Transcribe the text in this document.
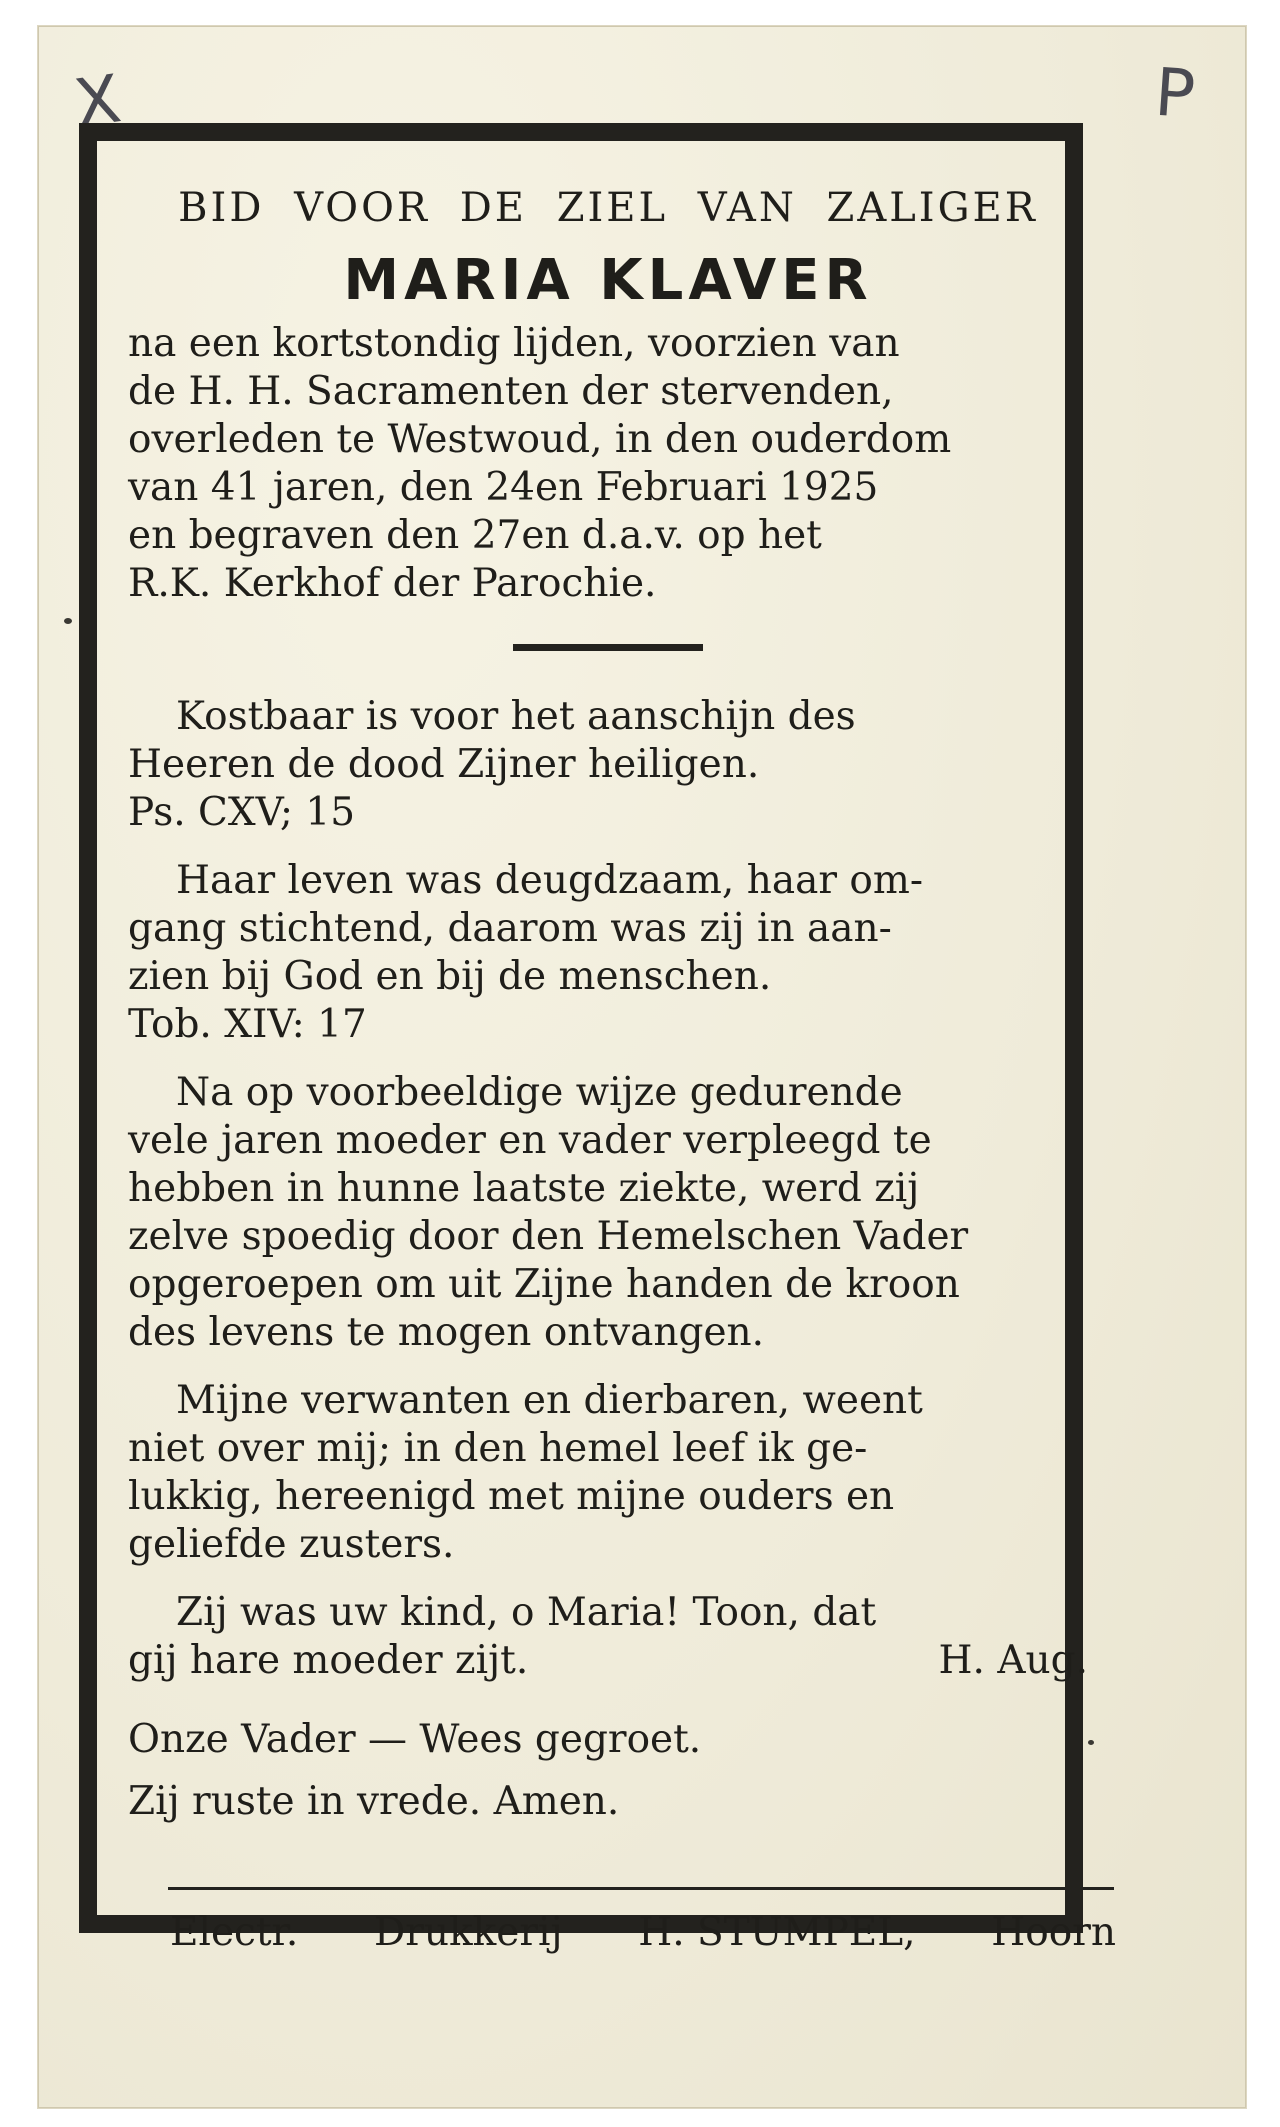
X	P
BID VOOR DE ZIEL VAN ZALIGER
MARIA KLAVER

na een kortstondig lijden, voorzien van

de H. H. Sacramenten der stervenden,

overleden te Westwoud, in den ouderdom

van 41 jaren, den 24en Februari 1925

en begraven den 27en d.a.v. op het

R.K. Kerkhof der Parochie.

Kostbaar is voor het aanschijn des

Heeren de dood Zijner heiligen.

Ps. CXV; 15

Haar leven was deugdzaam, haar om-

gang stichtend, daarom was zij in aan-

zien bij God en bij de menschen.

Tob. XIV: 17

Na op voorbeeldige wijze gedurende

vele jaren moeder en vader verpleegd te

hebben in hunne laatste ziekte, werd zij

zelve spoedig door den Hemelschen Vader

opgeroepen om uit Zijne handen de kroon

des levens te mogen ontvangen.

Mijne verwanten en dierbaren, weent

niet over mij; in den hemel leef ik ge-

lukkig, hereenigd met mijne ouders en

geliefde zusters.

Zij was uw kind, o Maria! Toon, dat

gij hare moeder zijt.	H. Aug.

Onze Vader — Wees gegroet.

Zij ruste in vrede. Amen.

Electr. Drukkerij H. STUMPEL, Hoorn
